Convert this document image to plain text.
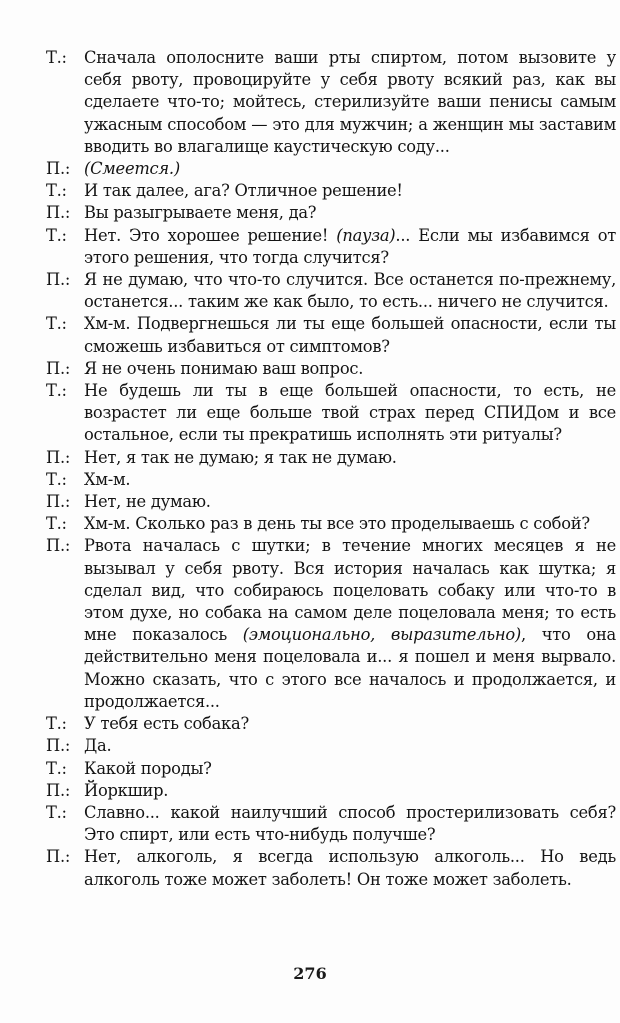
Т.:	Сначала ополосните ваши рты спиртом, потом вызовите у себя рвоту, провоцируйте у себя рвоту всякий раз, как вы сделаете что-то; мойтесь, стерилизуйте ваши пенисы самым ужасным способом — это для мужчин; а женщин мы заставим вводить во влагалище каустическую соду...
П.: (Смеется.)
Т.:	И так далее, ага? Отличное решение!
П.: Вы разыгрываете меня, да?
Т.:	Нет. Это хорошее решение! (пауза)... Если мы избавимся от этого решения, что тогда случится?
П.: Я не думаю, что что-то случится. Все останется по-прежнему, останется... таким же как было, то есть... ничего не случится.
Т.:	Хм-м. Подвергнешься ли ты еще большей опасности, если ты сможешь избавиться от симптомов?
П.: Я не очень понимаю ваш вопрос.
Т.:	Не будешь ли ты в еще большей опасности, то есть, не возрастет ли еще больше твой страх перед СПИДом и все остальное, если ты прекратишь исполнять эти ритуалы?
П.: Нет, я так не думаю; я так не думаю.
Т.:	Хм-м.
П.: Нет, не думаю.
Т.:	Хм-м. Сколько раз в день ты все это проделываешь с собой?
П.: Рвота началась с шутки; в течение многих месяцев я не вызывал у себя рвоту. Вся история началась как шутка; я сделал вид, что собираюсь поцеловать собаку или что-то в этом духе, но собака на самом деле поцеловала меня; то есть мне показалось (эмоционально, выразительно), что она действительно меня поцеловала и... я пошел и меня вырвало. Можно сказать, что с этого все началось и продолжается, и продолжается...
Т.:	У тебя есть собака?
П.: Да.
Т.:	Какой породы?
П.: Йоркшир.
Т.:	Славно... какой наилучший способ простерилизовать себя? Это спирт, или есть что-нибудь получше?
П.: Нет, алкоголь, я всегда использую алкоголь... Но ведь алкоголь тоже может заболеть! Он тоже может заболеть.
276
